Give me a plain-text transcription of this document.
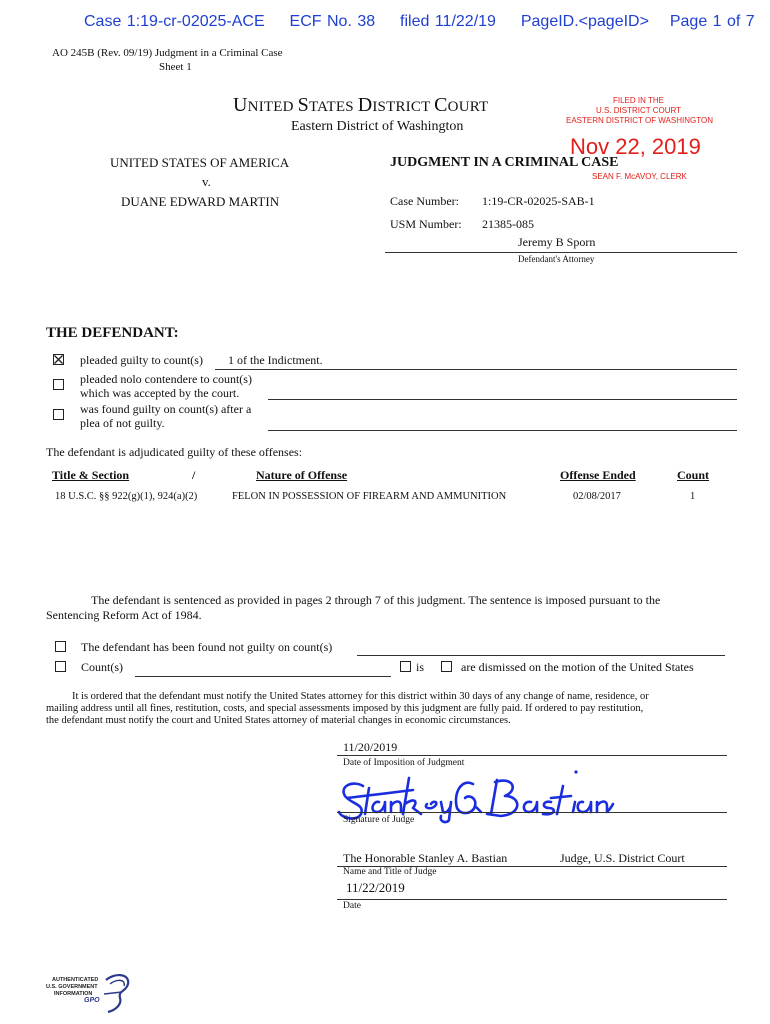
Case 1:19-cr-02025-ACE ECF No. 38 filed 11/22/19 PageID.<pageID> Page 1 of 7
AO 245B (Rev. 09/19) Judgment in a Criminal Case
Sheet 1
UNITED STATES DISTRICT COURT
Eastern District of Washington
FILED IN THE
U.S. DISTRICT COURT
EASTERN DISTRICT OF WASHINGTON
Nov 22, 2019
SEAN F. McAVOY, CLERK
UNITED STATES OF AMERICA
v.
DUANE EDWARD MARTIN
JUDGMENT IN A CRIMINAL CASE
Case Number: 1:19-CR-02025-SAB-1
USM Number: 21385-085
Jeremy B Sporn
Defendant's Attorney
THE DEFENDANT:
pleaded guilty to count(s) 1 of the Indictment.
pleaded nolo contendere to count(s)
which was accepted by the court.
was found guilty on count(s) after a
plea of not guilty.
The defendant is adjudicated guilty of these offenses:
Title & Section	/	Nature of Offense	Offense Ended	Count
18 U.S.C. §§ 922(g)(1), 924(a)(2)	FELON IN POSSESSION OF FIREARM AND AMMUNITION	02/08/2017	1
The defendant is sentenced as provided in pages 2 through 7 of this judgment. The sentence is imposed pursuant to the
Sentencing Reform Act of 1984.
The defendant has been found not guilty on count(s)
Count(s)	is	are dismissed on the motion of the United States
It is ordered that the defendant must notify the United States attorney for this district within 30 days of any change of name, residence, or
mailing address until all fines, restitution, costs, and special assessments imposed by this judgment are fully paid. If ordered to pay restitution,
the defendant must notify the court and United States attorney of material changes in economic circumstances.
11/20/2019
Date of Imposition of Judgment
Signature of Judge
The Honorable Stanley A. Bastian	Judge, U.S. District Court
Name and Title of Judge
11/22/2019
Date
AUTHENTICATED
U.S. GOVERNMENT
INFORMATION
GPO
